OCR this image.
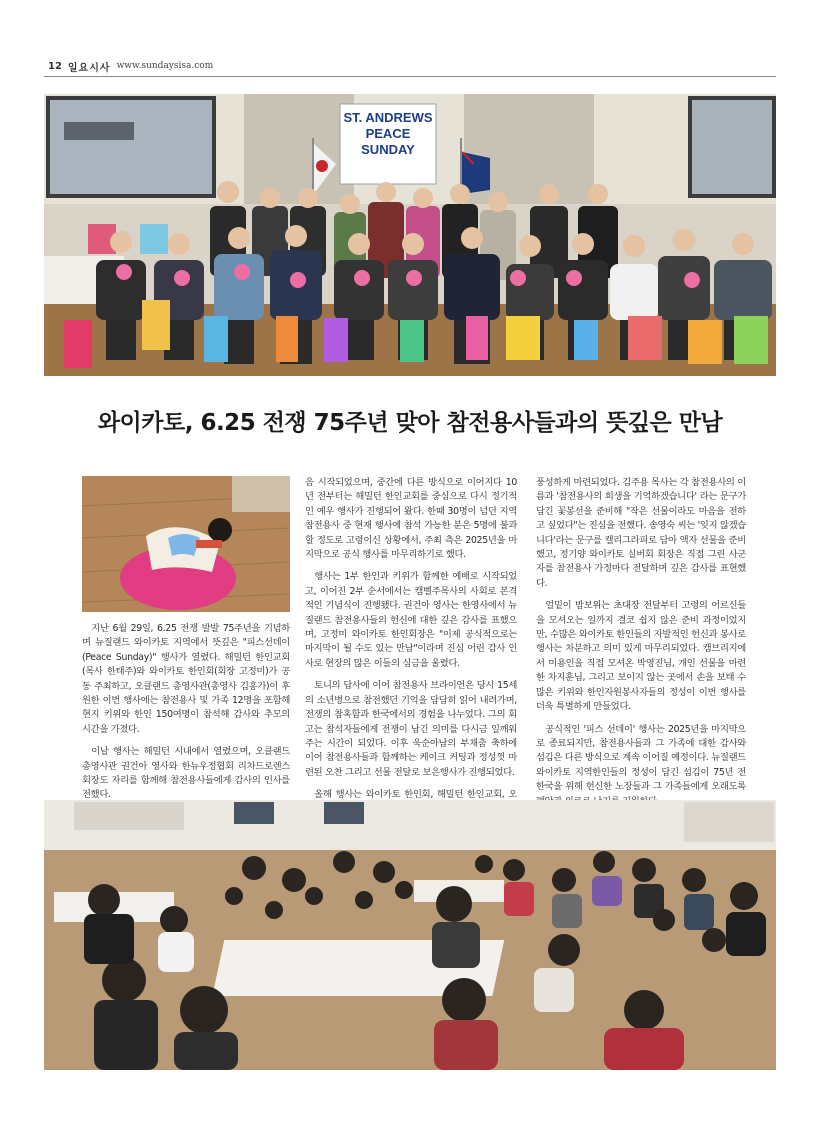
12 일요시사 www.sundaysisa.com
ST. ANDREWS
PEACE
SUNDAY
와이카토, 6.25 전쟁 75주년 맞아 참전용사들과의 뜻깊은 만남

지난 6월 29일, 6.25 전쟁 발발 75주년을 기념하며 뉴질랜드 와이카토 지역에서 뜻깊은 "피스선데이(Peace Sunday)" 행사가 열렸다. 해밀턴 한인교회(목사 한태주)와 와이카토 한인회(회장 고정미)가 공동 주최하고, 오클랜드 총영사관(총영사 김홍가)이 후원한 이번 행사에는 참전용사 및 가족 12명을 포함해 현지 키위와 한인 150여명이 참석해 감사와 추모의 시간을 가졌다.

이날 행사는 해밀턴 시내에서 열렸으며, 오클랜드 총영사관 권건아 영사와 한뉴우정협회 리차드로렌스 회장도 자리를 함께해 참전용사들에게 감사의 인사를 전했다.

음 시작되었으며, 중간에 다른 방식으로 이어지다 10년 전부터는 해밀턴 한인교회를 중심으로 다시 정기적인 예우 행사가 진행되어 왔다. 한때 30명이 넘던 지역 참전용사 중 현재 행사에 참석 가능한 분은 5명에 불과할 정도로 고령이신 상황에서, 주최 측은 2025년을 마지막으로 공식 행사를 마무리하기로 했다.

행사는 1부 한인과 키위가 함께한 예배로 시작되었고, 이어진 2부 순서에서는 캠벨주목사의 사회로 본격적인 기념식이 진행됐다. 권건아 영사는 한영사에서 뉴질랜드 참전용사들의 헌신에 대한 깊은 감사를 표했으며, 고정미 와이카토 한인회장은 "이제 공식적으로는 마지막이 될 수도 있는 만남"이라며 진심 어린 감사 인사로 현장의 많은 이들의 심금을 울렸다.

토니의 답사에 이어 참전용사 브라이언은 당시 15세의 소년병으로 참전했던 기억을 담담히 읽어 내려가며, 전쟁의 참혹함과 한국에서의 경험을 나누었다. 그의 회고는 참석자들에게 전쟁이 남긴 의미를 다시금 일깨워 주는 시간이 되었다. 이후 욱순아남의 부채춤 축하에 이어 참전용사들과 함께하는 케이크 커팅과 정성껏 마련된 오찬 그리고 선물 전달로 보은행사가 진행되었다.

올해 행사는 와이카토 한인회, 해밀턴 한인교회, 오

풍성하게 마련되었다. 김주용 목사는 각 참전용사의 이름과 '참전용사의 희생을 기억하겠습니다' 라는 문구가 담긴 꽃봉선을 준비해 "작은 선물이라도 마음을 전하고 싶었다"는 진심을 전했다. 송영숙 씨는 '잊지 않겠습니다'라는 문구를 캘리그라피로 담아 액자 선물을 준비했고, 정기양 와이카토 실버회 회장은 직접 그린 사군자를 참전용사 가정마다 전달하며 깊은 감사를 표현했다.

얼밑이 밤보위는 초대장 전달부터 고령의 어르신들을 모셔오는 일까지 결코 쉽지 않은 준비 과정이었지만, 수많은 와이카토 한인들의 자발적인 헌신과 봉사로 행사는 차분하고 의미 있게 마무리되었다. 캠브리지에서 미용인을 직접 모셔온 박영진님, 개인 선물을 마련한 차지훈님, 그리고 보이지 않는 곳에서 손을 보태 수많은 키위와 한인자원봉사자들의 정성이 이번 행사를 더욱 특별하게 만들었다.

공식적인 '피스 선데이' 행사는 2025년을 마지막으로 종료되지만, 참전용사들과 그 가족에 대한 감사와 섬김은 다른 방식으로 계속 이어질 예정이다. 뉴질랜드 와이카토 지역한인들의 정성이 담긴 섬김이 75년 전 한국을 위해 헌신한 노장들과 그 가족들에게 오래도록
